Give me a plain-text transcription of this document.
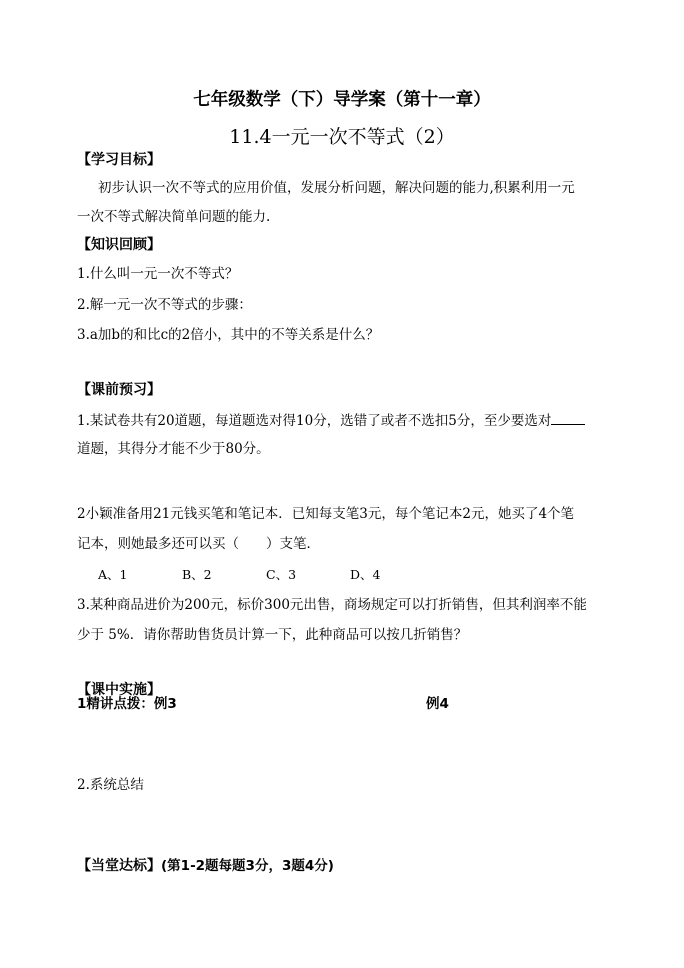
七年级数学（下）导学案（第十一章）
11.4一元一次不等式（2）
【学习目标】
初步认识一次不等式的应用价值，发展分析问题，解决问题的能力,积累利用一元
一次不等式解决简单问题的能力.
【知识回顾】
1.什么叫一元一次不等式？
2.解一元一次不等式的步骤：
3.a加b的和比c的2倍小，其中的不等关系是什么？
【课前预习】
1.某试卷共有20道题，每道题选对得10分，选错了或者不选扣5分，至少要选对
道题，其得分才能不少于80分。
2小颖准备用21元钱买笔和笔记本．已知每支笔3元，每个笔记本2元，她买了4个笔
记本，则她最多还可以买（　　）支笔．
A、1	B、2	C、3	D、4
3.某种商品进价为200元，标价300元出售，商场规定可以打折销售，但其利润率不能
少于 5%．请你帮助售货员计算一下，此种商品可以按几折销售？
【课中实施】
1精讲点拨：例3	例4
2.系统总结
【当堂达标】(第1-2题每题3分，3题4分)
